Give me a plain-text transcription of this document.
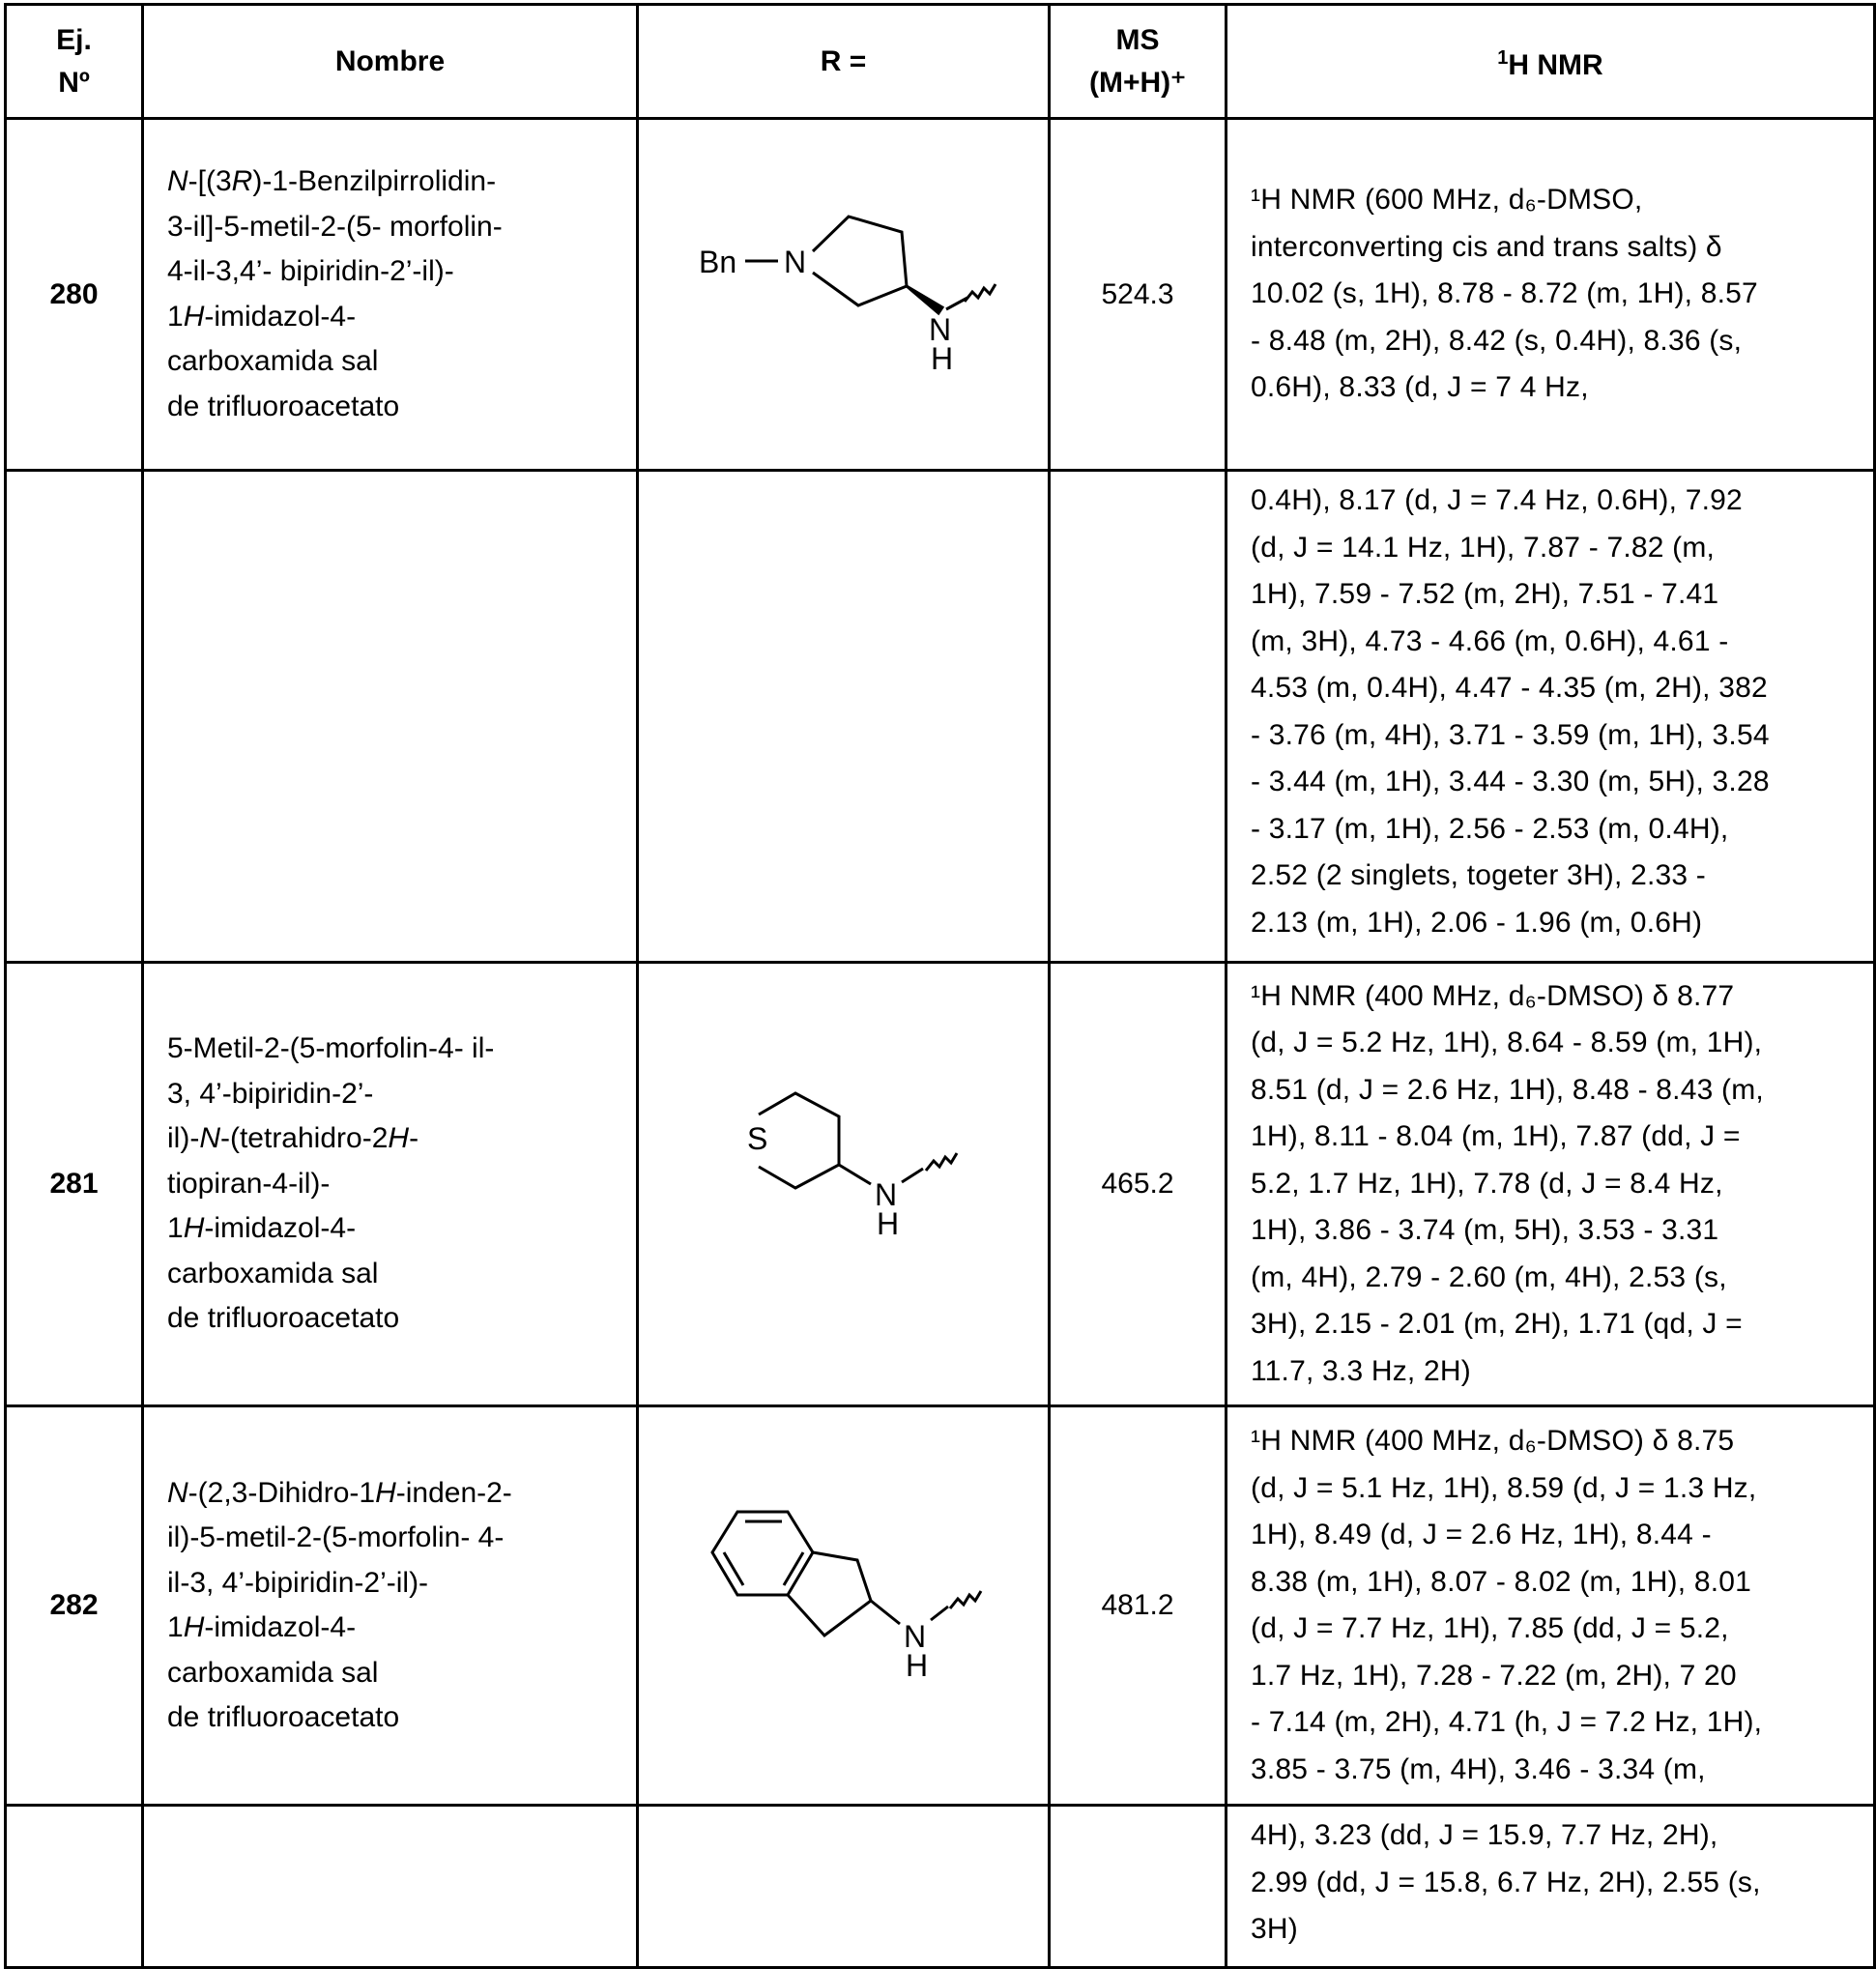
Ej.
Nº	Nombre	R =	MS
(M+H)⁺	1H NMR
280	
N-[(3R)-1-Benzilpirrolidin-
3-il]-5-metil-2-(5- morfolin-
4-il-3,4’- bipiridin-2’-il)-
1H-imidazol-4-
carboxamida sal
de trifluoroacetato

Bn N
N
H
	524.3	
¹H NMR (600 MHz, d₆-DMSO,
interconverting cis and trans salts) δ
10.02 (s, 1H), 8.78 - 8.72 (m, 1H), 8.57
- 8.48 (m, 2H), 8.42 (s, 0.4H), 8.36 (s,
0.6H), 8.33 (d, J = 7 4 Hz,

0.4H), 8.17 (d, J = 7.4 Hz, 0.6H), 7.92
(d, J = 14.1 Hz, 1H), 7.87 - 7.82 (m,
1H), 7.59 - 7.52 (m, 2H), 7.51 - 7.41
(m, 3H), 4.73 - 4.66 (m, 0.6H), 4.61 -
4.53 (m, 0.4H), 4.47 - 4.35 (m, 2H), 382
- 3.76 (m, 4H), 3.71 - 3.59 (m, 1H), 3.54
- 3.44 (m, 1H), 3.44 - 3.30 (m, 5H), 3.28
- 3.17 (m, 1H), 2.56 - 2.53 (m, 0.4H),
2.52 (2 singlets, togeter 3H), 2.33 -
2.13 (m, 1H), 2.06 - 1.96 (m, 0.6H)

281	
5-Metil-2-(5-morfolin-4- il-
3, 4’-bipiridin-2’-
il)-N-(tetrahidro-2H-
tiopiran-4-il)-
1H-imidazol-4-
carboxamida sal
de trifluoroacetato

S
N
H
	465.2	
¹H NMR (400 MHz, d₆-DMSO) δ 8.77
(d, J = 5.2 Hz, 1H), 8.64 - 8.59 (m, 1H),
8.51 (d, J = 2.6 Hz, 1H), 8.48 - 8.43 (m,
1H), 8.11 - 8.04 (m, 1H), 7.87 (dd, J =
5.2, 1.7 Hz, 1H), 7.78 (d, J = 8.4 Hz,
1H), 3.86 - 3.74 (m, 5H), 3.53 - 3.31
(m, 4H), 2.79 - 2.60 (m, 4H), 2.53 (s,
3H), 2.15 - 2.01 (m, 2H), 1.71 (qd, J =
11.7, 3.3 Hz, 2H)

282	
N-(2,3-Dihidro-1H-inden-2-
il)-5-metil-2-(5-morfolin- 4-
il-3, 4’-bipiridin-2’-il)-
1H-imidazol-4-
carboxamida sal
de trifluoroacetato

N
H
	481.2	
¹H NMR (400 MHz, d₆-DMSO) δ 8.75
(d, J = 5.1 Hz, 1H), 8.59 (d, J = 1.3 Hz,
1H), 8.49 (d, J = 2.6 Hz, 1H), 8.44 -
8.38 (m, 1H), 8.07 - 8.02 (m, 1H), 8.01
(d, J = 7.7 Hz, 1H), 7.85 (dd, J = 5.2,
1.7 Hz, 1H), 7.28 - 7.22 (m, 2H), 7 20
- 7.14 (m, 2H), 4.71 (h, J = 7.2 Hz, 1H),
3.85 - 3.75 (m, 4H), 3.46 - 3.34 (m,

4H), 3.23 (dd, J = 15.9, 7.7 Hz, 2H),
2.99 (dd, J = 15.8, 6.7 Hz, 2H), 2.55 (s,
3H)
